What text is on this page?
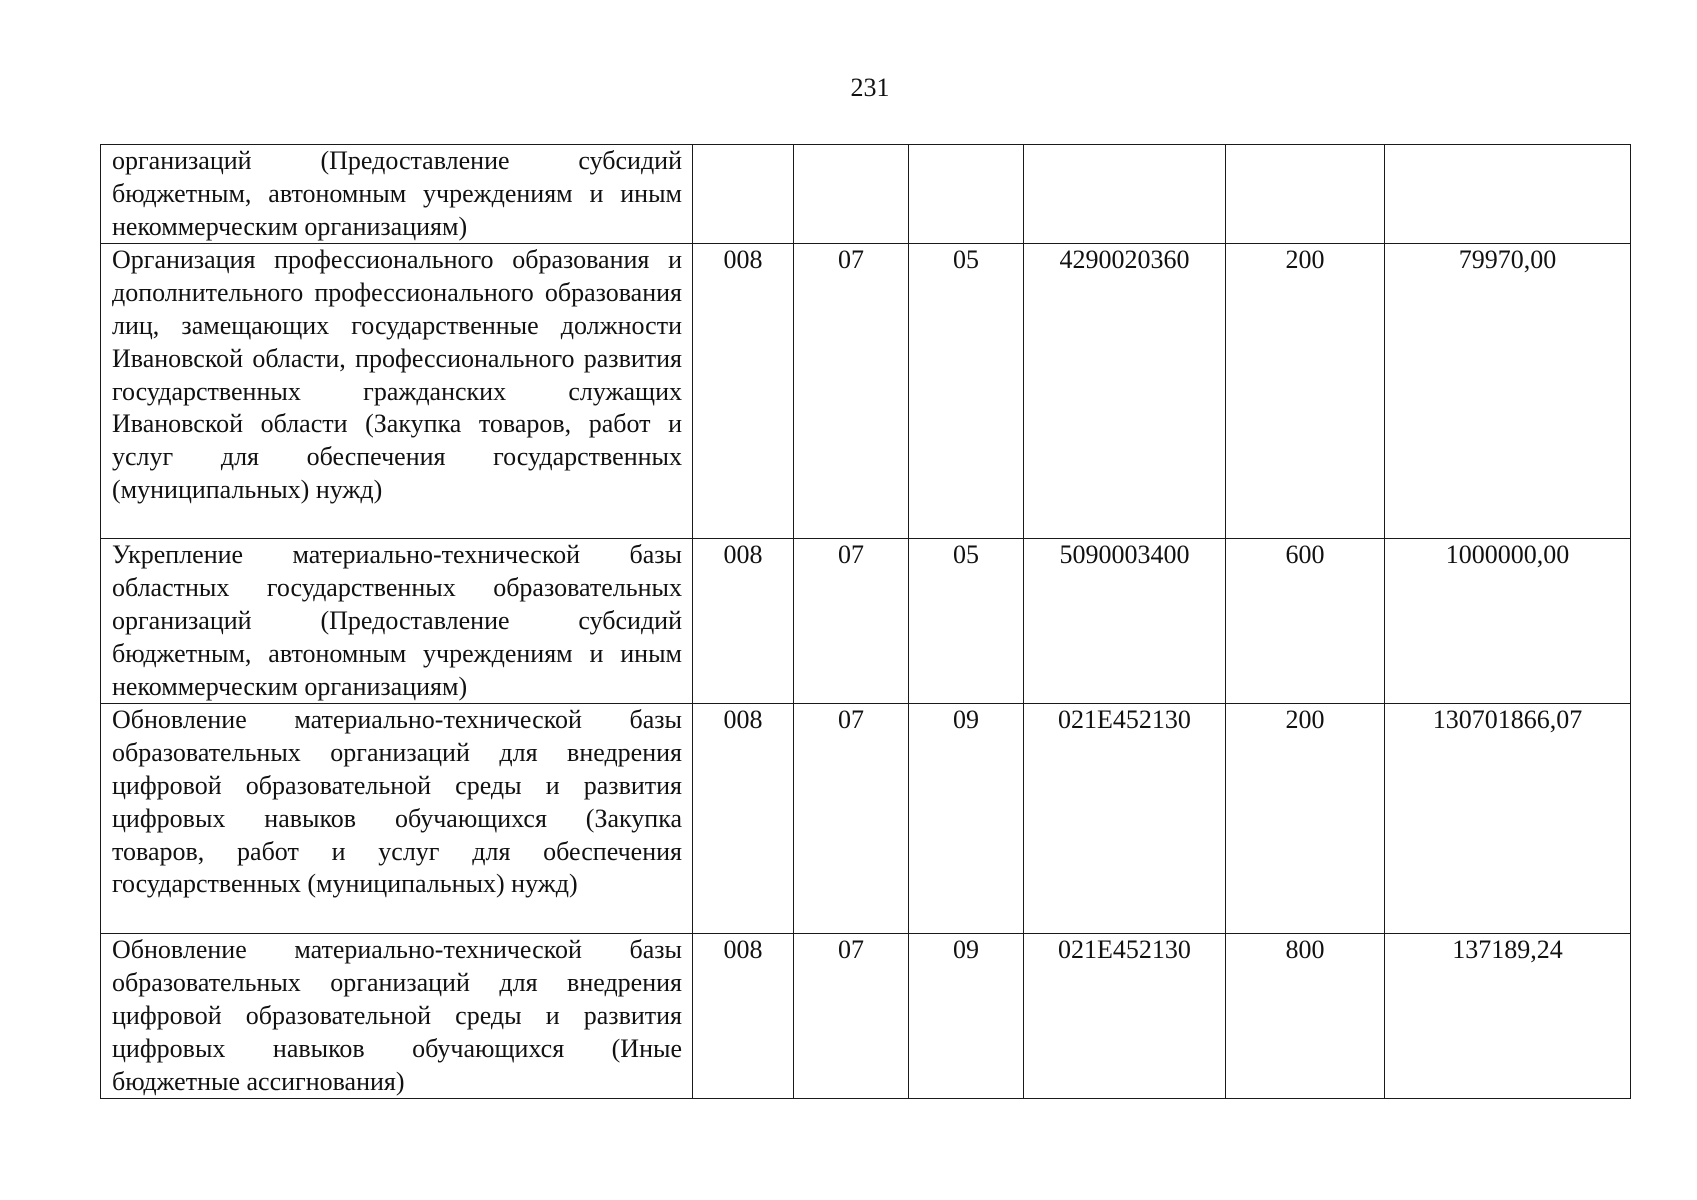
231
организаций (Предоставление субсидий бюджетным, автономным учреждениям и иным некоммерческим организациям)						
Организация профессионального образования и дополнительного профессионального образования лиц, замещающих государственные должности Ивановской области, профессионального развития государственных гражданских служащих Ивановской области (Закупка товаров, работ и услуг для обеспечения государственных (муниципальных) нужд)	008	07	05	4290020360	200	79970,00
Укрепление материально-технической базы областных государственных образовательных организаций (Предоставление субсидий бюджетным, автономным учреждениям и иным некоммерческим организациям)	008	07	05	5090003400	600	1000000,00
Обновление материально-технической базы образовательных организаций для внедрения цифровой образовательной среды и развития цифровых навыков обучающихся (Закупка товаров, работ и услуг для обеспечения государственных (муниципальных) нужд)	008	07	09	021E452130	200	130701866,07
Обновление материально-технической базы образовательных организаций для внедрения цифровой образовательной среды и развития цифровых навыков обучающихся (Иные бюджетные ассигнования)	008	07	09	021E452130	800	137189,24
